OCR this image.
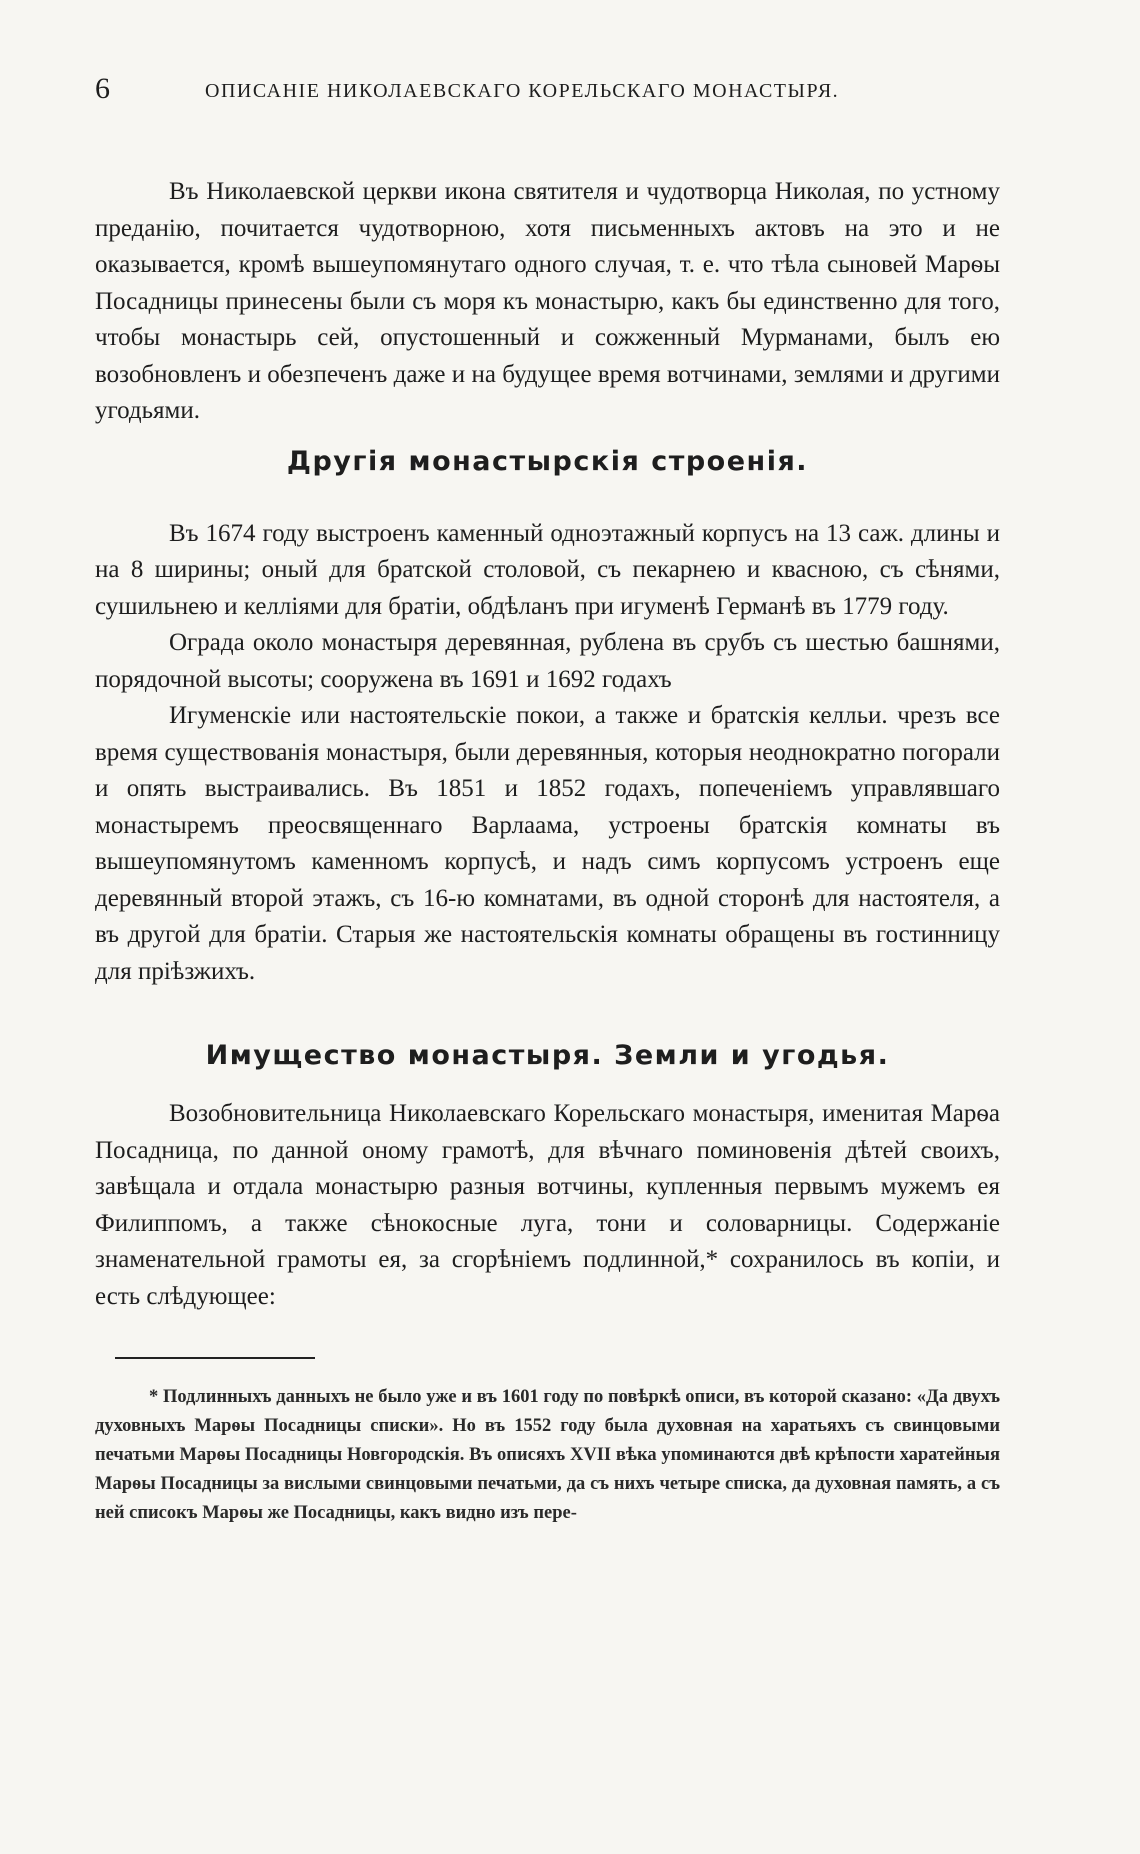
6	ОПИСАНІЕ НИКОЛАЕВСКАГО КОРЕЛЬСКАГО МОНАСТЫРЯ.

Въ Николаевской церкви икона святителя и чудотворца Николая, по устному преданію, почитается чудотворною, хотя письменныхъ актовъ на это и не оказывается, кромѣ вышеупомянутаго одного случая, т. е. что тѣла сыновей Марѳы Посадницы принесены были съ моря къ монастырю, какъ бы единственно для того, чтобы монастырь сей, опустошенный и сожженный Мурманами, былъ ею возобновленъ и обезпеченъ даже и на будущее время вотчинами, землями и другими угодьями.

Другія монастырскія строенія.

Въ 1674 году выстроенъ каменный одноэтажный корпусъ на 13 саж. длины и на 8 ширины; оный для братской столовой, съ пекарнею и квасною, съ сѣнями, сушильнею и келліями для братіи, обдѣланъ при игуменѣ Германѣ въ 1779 году.

Ограда около монастыря деревянная, рублена въ срубъ съ шестью башнями, порядочной высоты; сооружена въ 1691 и 1692 годахъ

Игуменскіе или настоятельскіе покои, а также и братскія келльи. чрезъ все время существованія монастыря, были деревянныя, которыя неоднократно погорали и опять выстраивались. Въ 1851 и 1852 годахъ, попеченіемъ управлявшаго монастыремъ преосвященнаго Варлаама, устроены братскія комнаты въ вышеупомянутомъ каменномъ корпусѣ, и надъ симъ корпусомъ устроенъ еще деревянный второй этажъ, съ 16-ю комнатами, въ одной сторонѣ для настоятеля, а въ другой для братіи. Старыя же настоятельскія комнаты обращены въ гостинницу для пріѣзжихъ.

Имущество монастыря. Земли и угодья.

Возобновительница Николаевскаго Корельскаго монастыря, именитая Марѳа Посадница, по данной оному грамотѣ, для вѣчнаго поминовенія дѣтей своихъ, завѣщала и отдала монастырю разныя вотчины, купленныя первымъ мужемъ ея Филиппомъ, а также сѣнокосные луга, тони и соловарницы. Содержаніе знаменательной грамоты ея, за сгорѣніемъ подлинной,* сохранилось въ копіи, и есть слѣдующее:

* Подлинныхъ данныхъ не было уже и въ 1601 году по повѣркѣ описи, въ которой сказано: «Да двухъ духовныхъ Марѳы Посадницы списки». Но въ 1552 году была духовная на харатьяхъ съ свинцовыми печатьми Марѳы Посадницы Новгородскія. Въ описяхъ XVII вѣка упоминаются двѣ крѣпости харатейныя Марѳы Посадницы за вислыми свинцовыми печатьми, да съ нихъ четыре списка, да духовная память, а съ ней списокъ Марѳы же Посадницы, какъ видно изъ пере-
